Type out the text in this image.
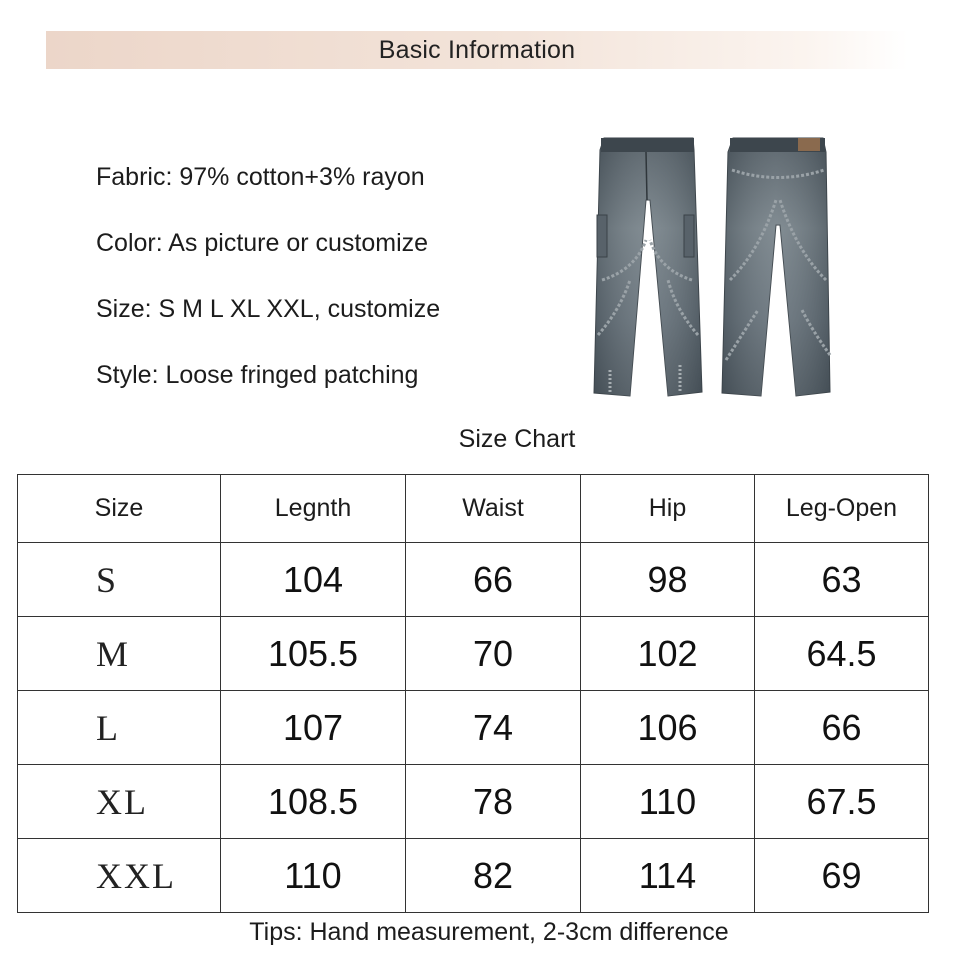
Basic Information
Fabric: 97% cotton+3% rayon
Color: As picture or customize
Size: S M L XL XXL, customize
Style: Loose fringed patching
Size Chart
Size	Legnth	Waist	Hip	Leg-Open
S	104	66	98	63
M	105.5	70	102	64.5
L	107	74	106	66
XL	108.5	78	110	67.5
XXL	110	82	114	69
Tips: Hand measurement, 2-3cm difference
